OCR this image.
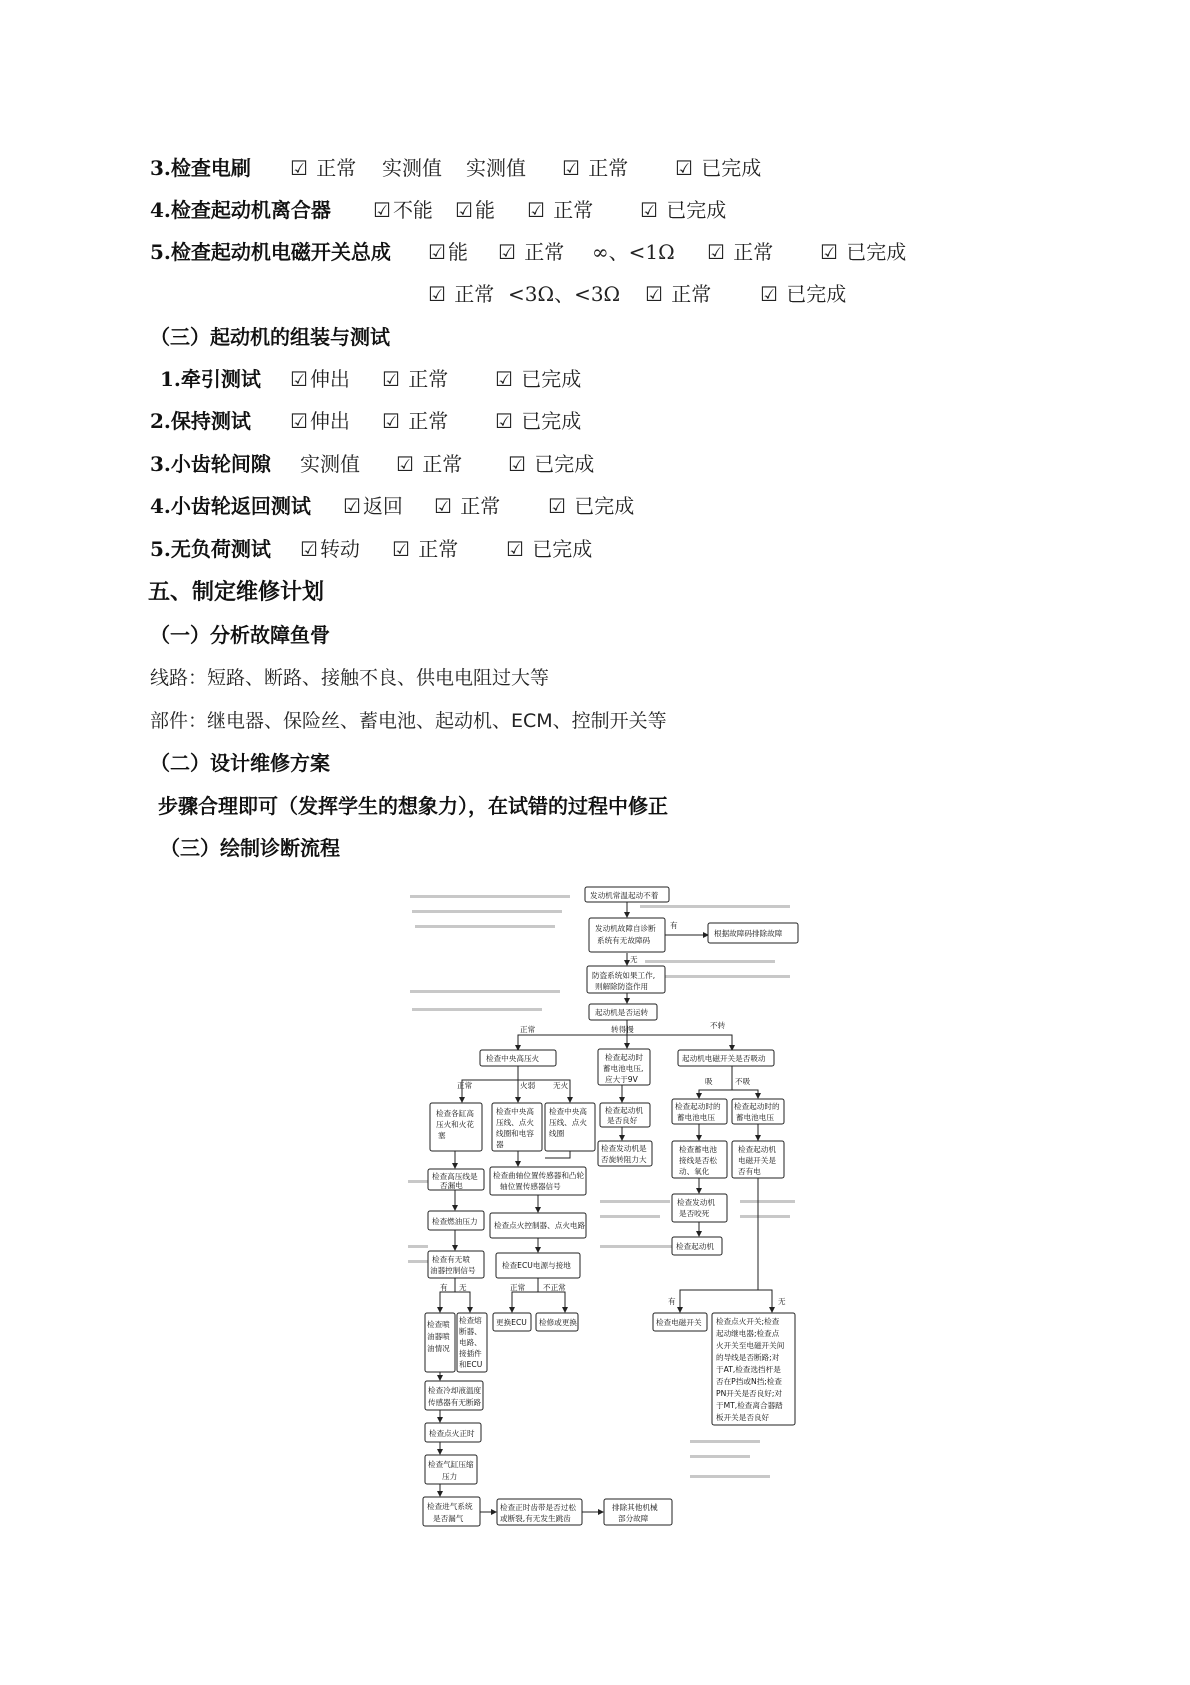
3.检查电刷 ☑ 正常 实测值 实测值 ☑ 正常 ☑ 已完成
4.检查起动机离合器 ☑ 不能 ☑ 能 ☑ 正常 ☑ 已完成
5.检查起动机电磁开关总成 ☑ 能 ☑ 正常 ∞、<1Ω ☑ 正常 ☑ 已完成
☑ 正常 <3Ω、<3Ω ☑ 正常 ☑ 已完成
（三）起动机的组装与测试
1.牵引测试 ☑ 伸出 ☑ 正常 ☑ 已完成
2.保持测试 ☑ 伸出 ☑ 正常 ☑ 已完成
3.小齿轮间隙 实测值 ☑ 正常 ☑ 已完成
4.小齿轮返回测试 ☑ 返回 ☑ 正常 ☑ 已完成
5.无负荷测试 ☑ 转动 ☑ 正常 ☑ 已完成
五、制定维修计划
（一）分析故障鱼骨
线路：短路、断路、接触不良、供电电阻过大等
部件：继电器、保险丝、蓄电池、起动机、ECM、控制开关等
（二）设计维修方案
步骤合理即可（发挥学生的想象力），在试错的过程中修正
（三）绘制诊断流程
有
无
正常	转得慢	不转
正常	火弱 无火	吸	不吸
有 无	正常 不正常
有	无
发动机常温起动不着
发动机故障自诊断
系统有无故障码
根据故障码排除故障
防盗系统如果工作,
则解除防盗作用
起动机是否运转
检查中央高压火	检查起动时
蓄电池电压,
应大于9V
起动机电磁开关是否吸动
检查各缸高
压火和火花
塞
检查中央高
压线、点火
线圈和电容
器
检查中央高
压线、点火
线圈
检查起动机
是否良好
检查起动时的
蓄电池电压
检查起动时的
蓄电池电压
检查发动机是
否旋转阻力大
检查蓄电池
接线是否松
动、氧化
检查起动机
电磁开关是
否有电
检查高压线是
否漏电
检查曲轴位置传感器和凸轮
轴位置传感器信号
检查发动机
是否咬死
检查燃油压力 检查点火控制器、点火电路
检查起动机
检查有无喷
油器控制信号
检查ECU电源与接地
更换ECU 检修或更换	检查电磁开关 检查点火开关;检查
起动继电器;检查点
火开关至电磁开关间
的导线是否断路;对
于AT,检查选挡杆是
否在P挡或N挡;检查
PN开关是否良好;对
于MT,检查离合器踏
板开关是否良好
检查喷
油器喷
油情况
检查熔
断器、
电路、
接插件
和ECU
检查冷却液温度
传感器有无断路
检查点火正时
检查气缸压缩
压力
检查进气系统
是否漏气
检查正时齿带是否过松
或断裂,有无发生跳齿
排除其他机械
部分故障
